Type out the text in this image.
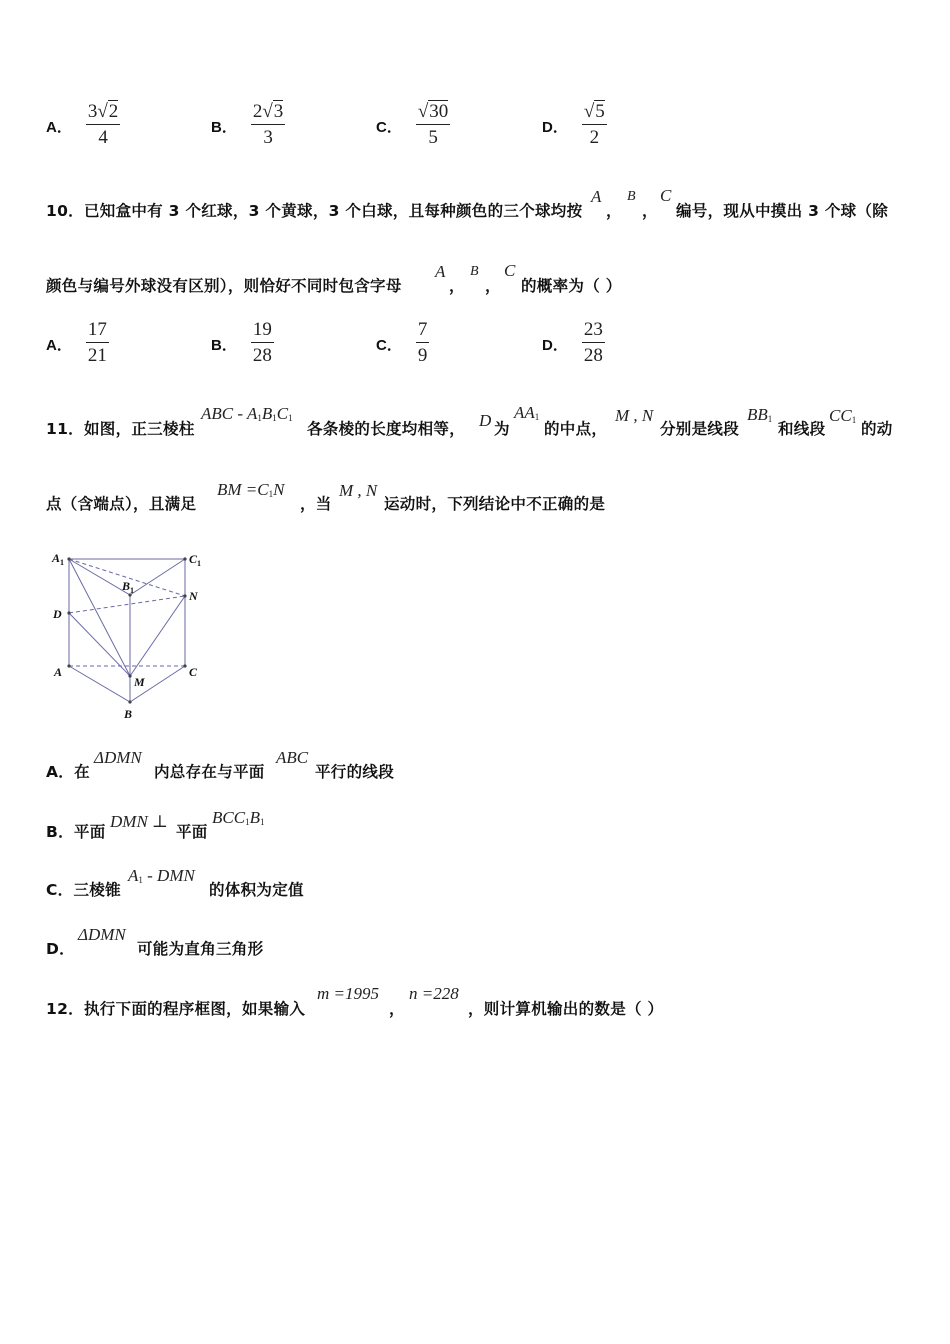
A． $\frac{3√2}{4}$	B． $\frac{2√3}{3}$	C． $\frac{√30}{5}$	D． $\frac{√5}{2}$
10．已知盒中有 3 个红球，3 个黄球，3 个白球，且每种颜色的三个球均按
A
，
B
，
C
编号，现从中摸出 3 个球（除
颜色与编号外球没有区别），则恰好不同时包含字母
A
，
B
，
C
的概率为（ ）
A． $\frac{17}{21}$	B． $\frac{19}{28}$	C． $\frac{7}{9}$	D． $\frac{23}{28}$
11．如图，正三棱柱
ABC - $A_1B_1C_1$
各条棱的长度均相等， D 为
$AA_1$
的中点，
M , N
分别是线段
$BB_1$
和线段
$CC_1$ 的动
点（含端点），且满足
BM $=C_1N$
，当
M , N
运动时，下列结论中不正确的是
$A_1$	$C_1$
$B_1$
D
N
A	C
M
B
A．在
ΔDMN
内总存在与平面
ABC
平行的线段
B．平面
DMN ⊥
平面
$BCC_1B_1$
C．三棱锥
$A_1$ - DMN
的体积为定值
D．
ΔDMN
可能为直角三角形
12．执行下面的程序框图，如果输入
m =1995
，
n =228
，则计算机输出的数是（ ）
